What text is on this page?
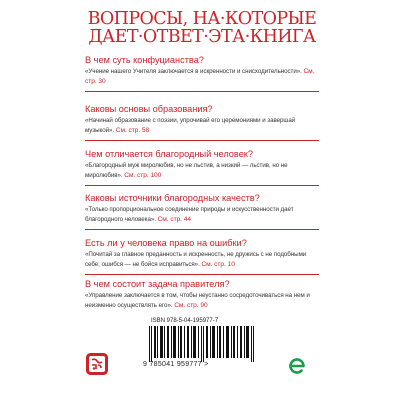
ВОПРОСЫ, НА·КОТОРЫЕ
ДАЕТ·ОТВЕТ·ЭТА·КНИГА
В чем суть конфуцианства?
«Учение нашего Учителя заключается в искренности и снисходительности». См. стр. 30
Каковы основы образования?
«Начинай образование с поэзии, упрочивай его церемониями и завершай музыкой». См. стр. 58
Чем отличается благородный человек?
«Благородный муж миролюбив, но не льстив, а низкий — льстив, но не миролюбив». См. стр. 100
Каковы источники благородных качеств?
«Только пропорциональное соединение природы и искусственности дает благородного человека». См. стр. 44
Есть ли у человека право на ошибки?
«Почитай за главное преданность и искренность, не дружись с не подобными себе; ошибся — не бойся исправиться». См. стр. 10
В чем состоит задача правителя?
«Управление заключается в том, чтобы неустанно сосредоточиваться на нем и неизменно осуществлять его». См. стр. 90
ISBN 978-5-04-195977-7
9 785041 959777 >
